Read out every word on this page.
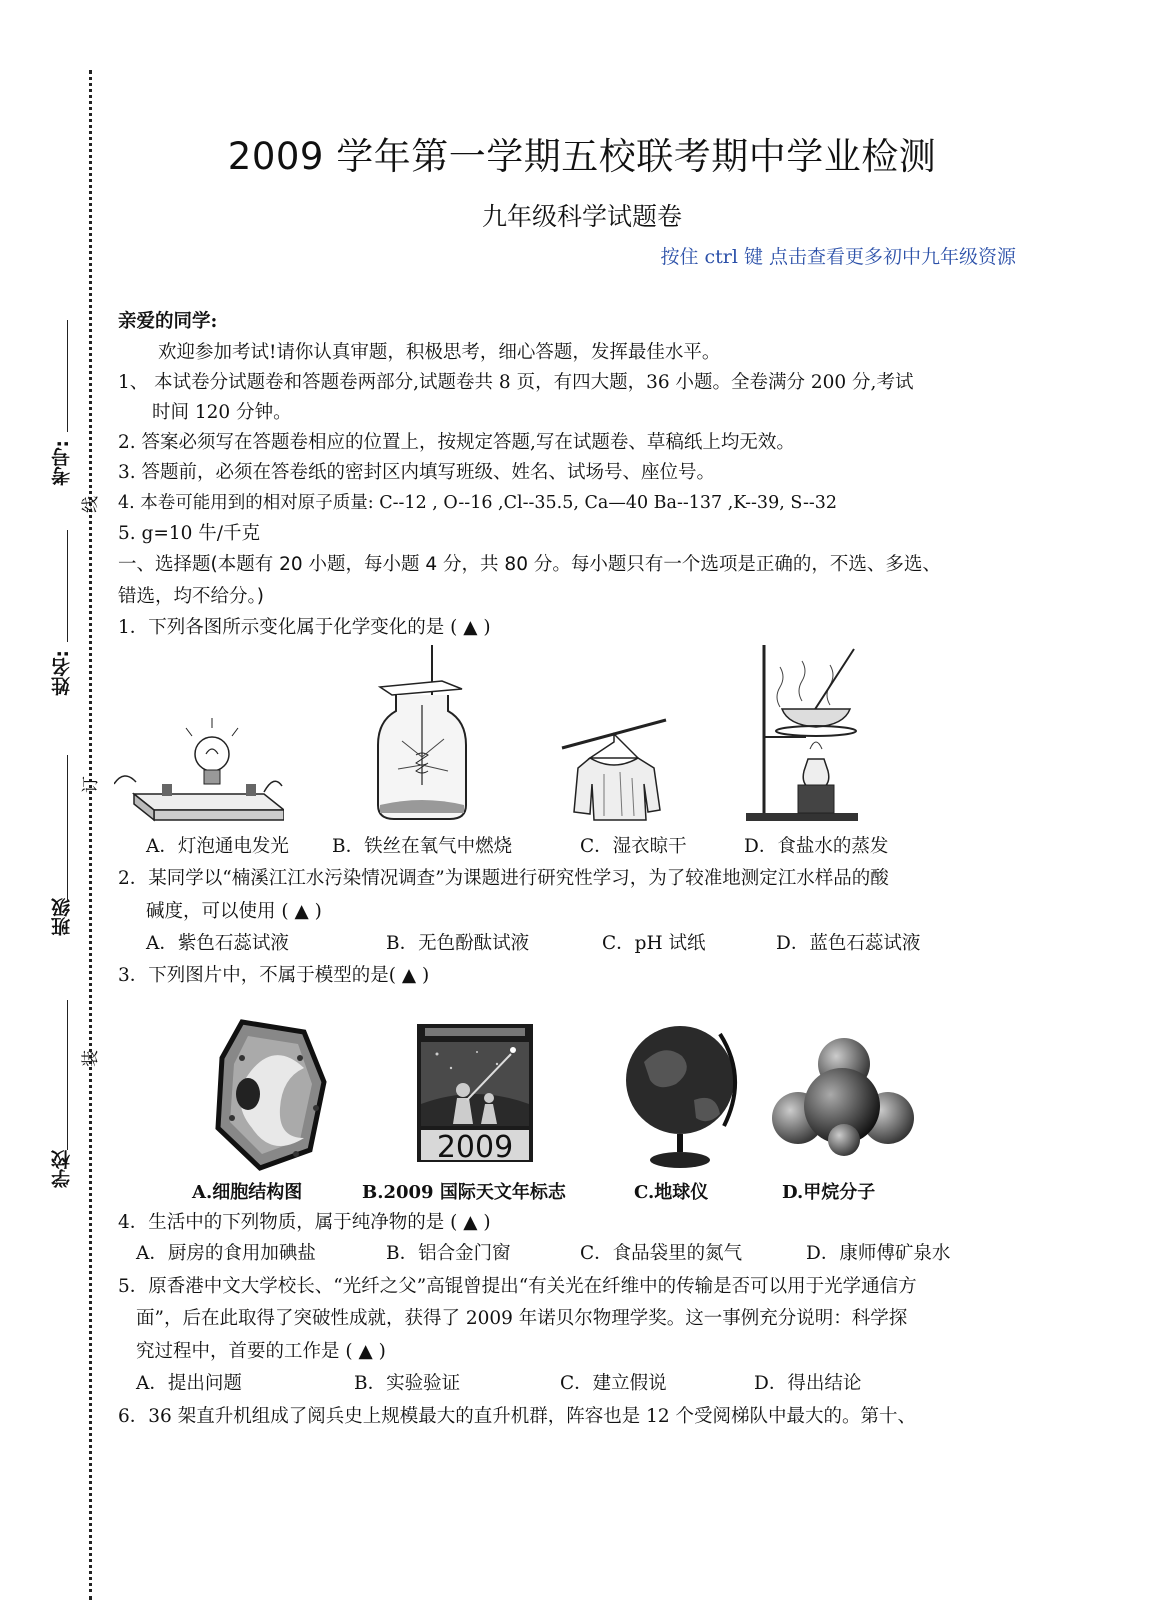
考号:
姓名:
班级
学校
线
订
装
2009 学年第一学期五校联考期中学业检测
九年级科学试题卷
按住 ctrl 键 点击查看更多初中九年级资源
亲爱的同学:
欢迎参加考试!请你认真审题，积极思考，细心答题，发挥最佳水平。
1、 本试卷分试题卷和答题卷两部分,试题卷共 8 页，有四大题，36 小题。全卷满分 200 分,考试
时间 120 分钟。
2. 答案必须写在答题卷相应的位置上，按规定答题,写在试题卷、草稿纸上均无效。
3. 答题前，必须在答卷纸的密封区内填写班级、姓名、试场号、座位号。
4. 本卷可能用到的相对原子质量: C--12 , O--16 ,Cl--35.5, Ca—40 Ba--137 ,K--39, S--32
5. g=10 牛/千克
一、选择题(本题有 20 小题，每小题 4 分，共 80 分。每小题只有一个选项是正确的，不选、多选、
错选，均不给分。)
1．下列各图所示变化属于化学变化的是 ( ▲ )
A．灯泡通电发光 B．铁丝在氧气中燃烧	C．湿衣晾干	D．食盐水的蒸发
2．某同学以“楠溪江江水污染情况调查”为课题进行研究性学习，为了较准地测定江水样品的酸
碱度，可以使用 ( ▲ )
A．紫色石蕊试液	B．无色酚酞试液	C．pH 试纸	D．蓝色石蕊试液
3．下列图片中，不属于模型的是( ▲ )
2009
A.细胞结构图	B.2009 国际天文年标志	C.地球仪	D.甲烷分子
4．生活中的下列物质，属于纯净物的是 ( ▲ )
A．厨房的食用加碘盐	B．铝合金门窗	C．食品袋里的氮气	D．康师傅矿泉水
5．原香港中文大学校长、“光纤之父”高锟曾提出“有关光在纤维中的传输是否可以用于光学通信方
面”，后在此取得了突破性成就，获得了 2009 年诺贝尔物理学奖。这一事例充分说明：科学探
究过程中，首要的工作是 ( ▲ )
A．提出问题	B．实验验证	C．建立假说	D．得出结论
6．36 架直升机组成了阅兵史上规模最大的直升机群，阵容也是 12 个受阅梯队中最大的。第十、
